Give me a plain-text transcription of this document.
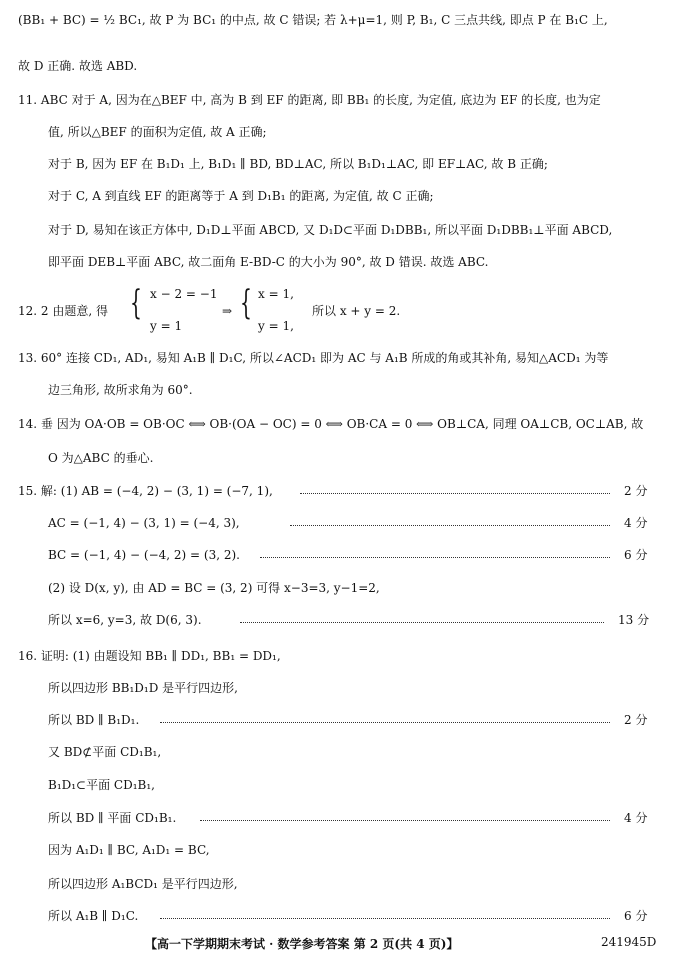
(BB₁ + BC) = ½ BC₁, 故 P 为 BC₁ 的中点, 故 C 错误; 若 λ+μ=1, 则 P, B₁, C 三点共线, 即点 P 在 B₁C 上,
故 D 正确. 故选 ABD.
11. ABC 对于 A, 因为在△BEF 中, 高为 B 到 EF 的距离, 即 BB₁ 的长度, 为定值, 底边为 EF 的长度, 也为定
值, 所以△BEF 的面积为定值, 故 A 正确;
对于 B, 因为 EF 在 B₁D₁ 上, B₁D₁ ∥ BD, BD⊥AC, 所以 B₁D₁⊥AC, 即 EF⊥AC, 故 B 正确;
对于 C, A 到直线 EF 的距离等于 A 到 D₁B₁ 的距离, 为定值, 故 C 正确;
对于 D, 易知在该正方体中, D₁D⊥平面 ABCD, 又 D₁D⊂平面 D₁DBB₁, 所以平面 D₁DBB₁⊥平面 ABCD,
即平面 DEB⊥平面 ABC, 故二面角 E-BD-C 的大小为 90°, 故 D 错误. 故选 ABC.
12. 2 由题意, 得 { x − 2 = −1
y = 1
⇒ { x = 1,
y = 1,
所以 x + y = 2.
13. 60° 连接 CD₁, AD₁, 易知 A₁B ∥ D₁C, 所以∠ACD₁ 即为 AC 与 A₁B 所成的角或其补角, 易知△ACD₁ 为等
边三角形, 故所求角为 60°.
14. 垂 因为 OA·OB = OB·OC ⟺ OB·(OA − OC) = 0 ⟺ OB·CA = 0 ⟺ OB⊥CA, 同理 OA⊥CB, OC⊥AB, 故
O 为△ABC 的垂心.
15. 解: (1) AB = (−4, 2) − (3, 1) = (−7, 1),	2 分
AC = (−1, 4) − (3, 1) = (−4, 3),	4 分
BC = (−1, 4) − (−4, 2) = (3, 2).	6 分
(2) 设 D(x, y), 由 AD = BC = (3, 2) 可得 x−3=3, y−1=2,
所以 x=6, y=3, 故 D(6, 3).	13 分
16. 证明: (1) 由题设知 BB₁ ∥ DD₁, BB₁ = DD₁,
所以四边形 BB₁D₁D 是平行四边形,
所以 BD ∥ B₁D₁.	2 分
又 BD⊄平面 CD₁B₁,
B₁D₁⊂平面 CD₁B₁,
所以 BD ∥ 平面 CD₁B₁.	4 分
因为 A₁D₁ ∥ BC, A₁D₁ = BC,
所以四边形 A₁BCD₁ 是平行四边形,
所以 A₁B ∥ D₁C.	6 分
【高一下学期期末考试 · 数学参考答案 第 2 页(共 4 页)】	241945D
